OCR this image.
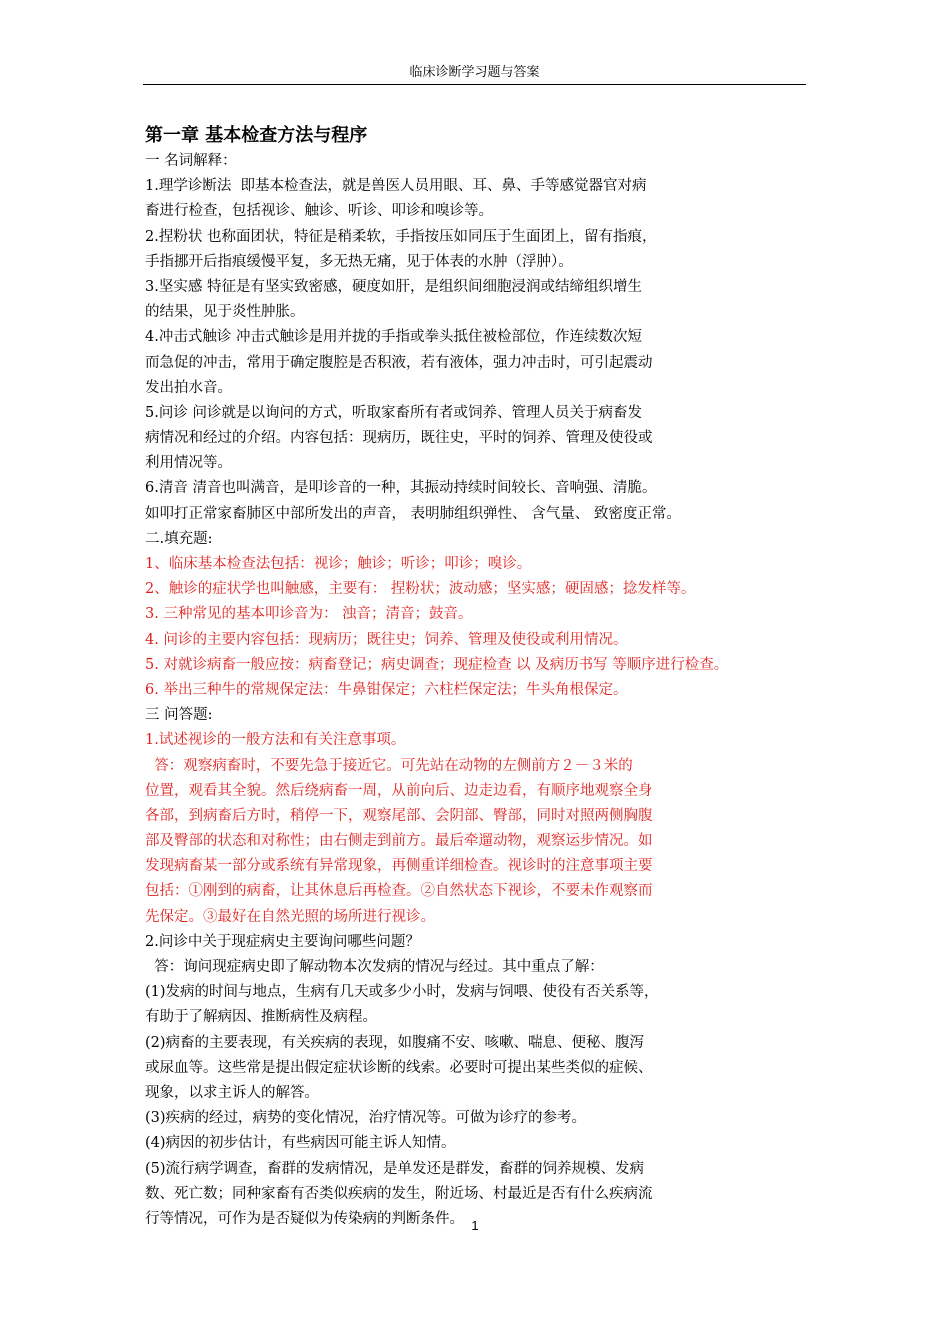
临床诊断学习题与答案
第一章 基本检查方法与程序
一 名词解释：
1.理学诊断法  即基本检查法，就是兽医人员用眼、耳、鼻、手等感觉器官对病
畜进行检查，包括视诊、触诊、听诊、叩诊和嗅诊等。
2.捏粉状 也称面团状，特征是稍柔软，手指按压如同压于生面团上，留有指痕，
手指挪开后指痕缓慢平复，多无热无痛，见于体表的水肿（浮肿）。
3.坚实感 特征是有坚实致密感，硬度如肝，是组织间细胞浸润或结缔组织增生
的结果，见于炎性肿胀。
4.冲击式触诊 冲击式触诊是用并拢的手指或拳头抵住被检部位，作连续数次短
而急促的冲击，常用于确定腹腔是否积液，若有液体，强力冲击时，可引起震动
发出拍水音。
5.问诊 问诊就是以询问的方式，听取家畜所有者或饲养、管理人员关于病畜发
病情况和经过的介绍。内容包括：现病历，既往史，平时的饲养、管理及使役或
利用情况等。
6.清音 清音也叫满音，是叩诊音的一种，其振动持续时间较长、音响强、清脆。
如叩打正常家畜肺区中部所发出的声音， 表明肺组织弹性、 含气量、 致密度正常。
二.填充题:
1、临床基本检查法包括：视诊；触诊；听诊；叩诊；嗅诊。
2、触诊的症状学也叫触感，主要有： 捏粉状；波动感；坚实感；硬固感；捻发样等。
3. 三种常见的基本叩诊音为： 浊音；清音；鼓音。
4. 问诊的主要内容包括：现病历；既往史；饲养、管理及使役或利用情况。
5. 对就诊病畜一般应按：病畜登记；病史调查；现症检查 以 及病历书写 等顺序进行检查。
6. 举出三种牛的常规保定法：牛鼻钳保定；六柱栏保定法；牛头角根保定。
三 问答题:
1.试述视诊的一般方法和有关注意事项。
答：观察病畜时，不要先急于接近它。可先站在动物的左侧前方２－３米的
位置，观看其全貌。然后绕病畜一周，从前向后、边走边看，有顺序地观察全身
各部，到病畜后方时，稍停一下，观察尾部、会阴部、臀部，同时对照两侧胸腹
部及臀部的状态和对称性；由右侧走到前方。最后牵遛动物，观察运步情况。如
发现病畜某一部分或系统有异常现象，再侧重详细检查。视诊时的注意事项主要
包括：①刚到的病畜，让其休息后再检查。②自然状态下视诊，不要未作观察而
先保定。③最好在自然光照的场所进行视诊。
2.问诊中关于现症病史主要询问哪些问题？
答：询问现症病史即了解动物本次发病的情况与经过。其中重点了解：
(1)发病的时间与地点，生病有几天或多少小时，发病与饲喂、使役有否关系等，
有助于了解病因、推断病性及病程。
(2)病畜的主要表现，有关疾病的表现，如腹痛不安、咳嗽、喘息、便秘、腹泻
或尿血等。这些常是提出假定症状诊断的线索。必要时可提出某些类似的症候、
现象，以求主诉人的解答。
(3)疾病的经过，病势的变化情况，治疗情况等。可做为诊疗的参考。
(4)病因的初步估计，有些病因可能主诉人知情。
(5)流行病学调查，畜群的发病情况，是单发还是群发，畜群的饲养规模、发病
数、死亡数；同种家畜有否类似疾病的发生，附近场、村最近是否有什么疾病流
行等情况，可作为是否疑似为传染病的判断条件。 1
